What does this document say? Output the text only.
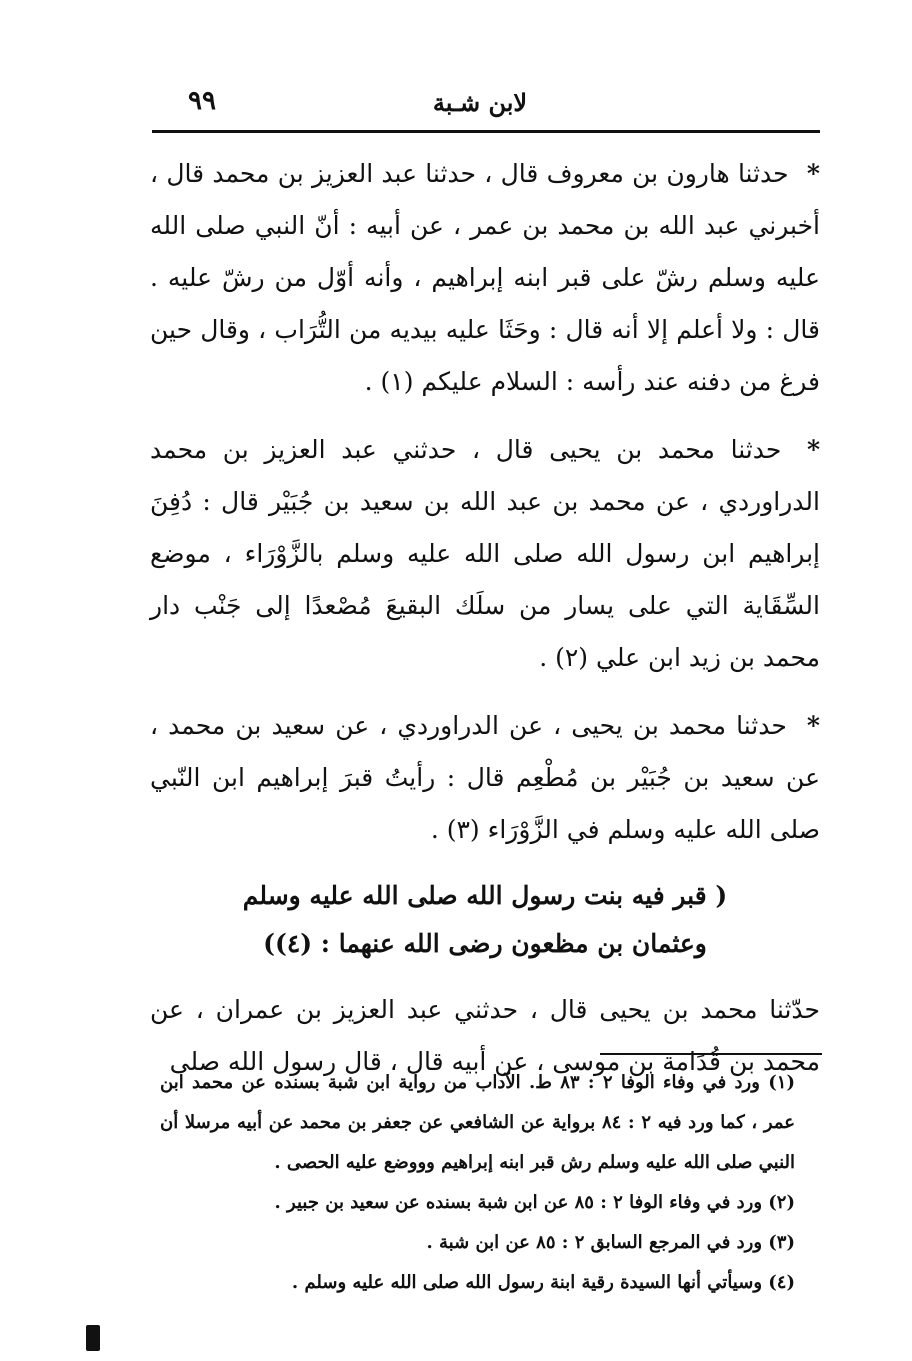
لابن شـبة
٩٩

* حدثنا هارون بن معروف قال ، حدثنا عبد العزيز بن محمد قال ، أخبرني عبد الله بن محمد بن عمر ، عن أبيه : أنّ النبي صلى الله عليه وسلم رشّ على قبر ابنه إبراهيم ، وأنه أوّل من رشّ عليه . قال : ولا أعلم إلا أنه قال : وحَثَا عليه بيديه من التُّرَاب ، وقال حين فرغ من دفنه عند رأسه : السلام عليكم (١) .

* حدثنا محمد بن يحيى قال ، حدثني عبد العزيز بن محمد الدراوردي ، عن محمد بن عبد الله بن سعيد بن جُبَيْر قال : دُفِنَ إبراهيم ابن رسول الله صلى الله عليه وسلم بالزَّوْرَاء ، موضع السِّقَاية التي على يسار من سلَك البقيعَ مُصْعدًا إلى جَنْب دار محمد بن زيد ابن علي (٢) .

* حدثنا محمد بن يحيى ، عن الدراوردي ، عن سعيد بن محمد ، عن سعيد بن جُبَيْر بن مُطْعِم قال : رأيتُ قبرَ إبراهيم ابن النّبي صلى الله عليه وسلم في الزَّوْرَاء (٣) .

( قبر فيه بنت رسول الله صلى الله عليه وسلم
وعثمان بن مظعون رضى الله عنهما : (٤))

حدّثنا محمد بن يحيى قال ، حدثني عبد العزيز بن عمران ، عن محمد بن قُدَامة بن موسى ، عن أبيه قال ، قال رسول الله صلى

(١) ورد في وفاء الوفا ٢ : ٨٣ ط. الآداب من رواية ابن شبة بسنده عن محمد ابن عمر ، كما ورد فيه ٢ : ٨٤ برواية عن الشافعي عن جعفر بن محمد عن أبيه مرسلا أن النبي صلى الله عليه وسلم رش قبر ابنه إبراهيم وووضع عليه الحصى .

(٢) ورد في وفاء الوفا ٢ : ٨٥ عن ابن شبة بسنده عن سعيد بن جبير .

(٣) ورد في المرجع السابق ٢ : ٨٥ عن ابن شبة .

(٤) وسيأتي أنها السيدة رقية ابنة رسول الله صلى الله عليه وسلم .
